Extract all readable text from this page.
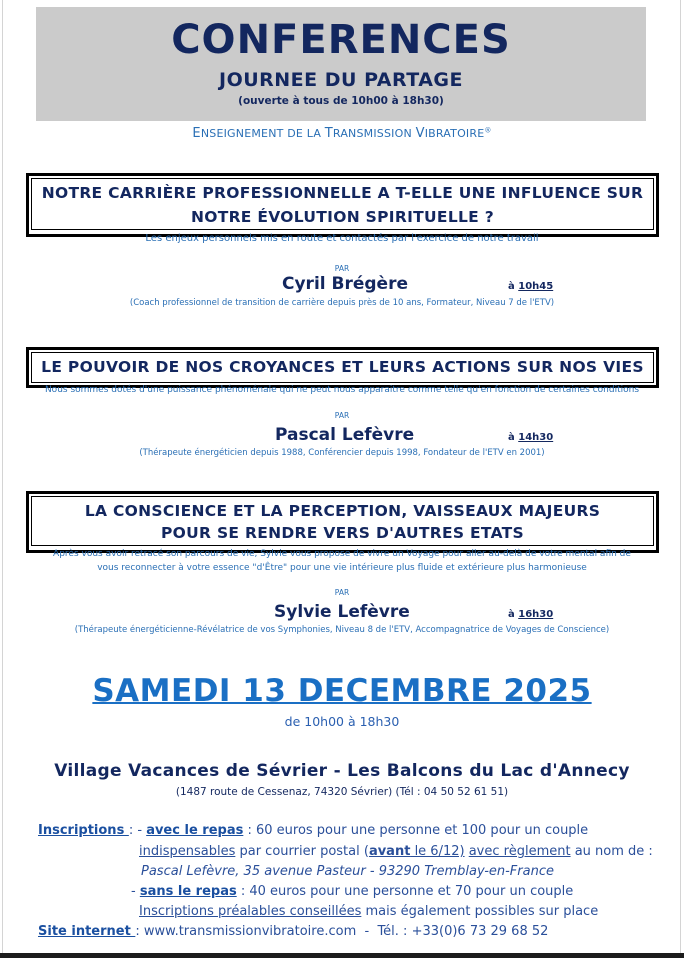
CONFERENCES
JOURNEE DU PARTAGE
(ouverte à tous de 10h00 à 18h30)
ENSEIGNEMENT DE LA TRANSMISSION VIBRATOIRE®
NOTRE CARRIÈRE PROFESSIONNELLE A T-ELLE UNE INFLUENCE SUR
NOTRE ÉVOLUTION SPIRITUELLE ?
Les enjeux personnels mis en route et contactés par l'exercice de notre travail
PAR
Cyril Brégère	à 10h45
(Coach professionnel de transition de carrière depuis près de 10 ans, Formateur, Niveau 7 de l'ETV)
LE POUVOIR DE NOS CROYANCES ET LEURS ACTIONS SUR NOS VIES
Nous sommes dotés d'une puissance phénoménale qui ne peut nous apparaitre comme telle qu'en fonction de certaines conditions
PAR
Pascal Lefèvre	à 14h30
(Thérapeute énergéticien depuis 1988, Conférencier depuis 1998, Fondateur de l'ETV en 2001)
LA CONSCIENCE ET LA PERCEPTION, VAISSEAUX MAJEURS
POUR SE RENDRE VERS D'AUTRES ETATS
Après vous avoir retracé son parcours de vie, Sylvie vous propose de vivre un Voyage pour aller au-delà de votre mental afin de
vous reconnecter à votre essence "d'Être" pour une vie intérieure plus fluide et extérieure plus harmonieuse
PAR
Sylvie Lefèvre	à 16h30
(Thérapeute énergéticienne-Révélatrice de vos Symphonies, Niveau 8 de l'ETV, Accompagnatrice de Voyages de Conscience)
SAMEDI 13 DECEMBRE 2025
de 10h00 à 18h30
Village Vacances de Sévrier - Les Balcons du Lac d'Annecy
(1487 route de Cessenaz, 74320 Sévrier) (Tél : 04 50 52 61 51)
Inscriptions : - avec le repas : 60 euros pour une personne et 100 pour un couple
indispensables par courrier postal (avant le 6/12) avec règlement au nom de :
Pascal Lefèvre, 35 avenue Pasteur - 93290 Tremblay-en-France
- sans le repas : 40 euros pour une personne et 70 pour un couple
Inscriptions préalables conseillées mais également possibles sur place
Site internet : www.transmissionvibratoire.com  -  Tél. : +33(0)6 73 29 68 52
